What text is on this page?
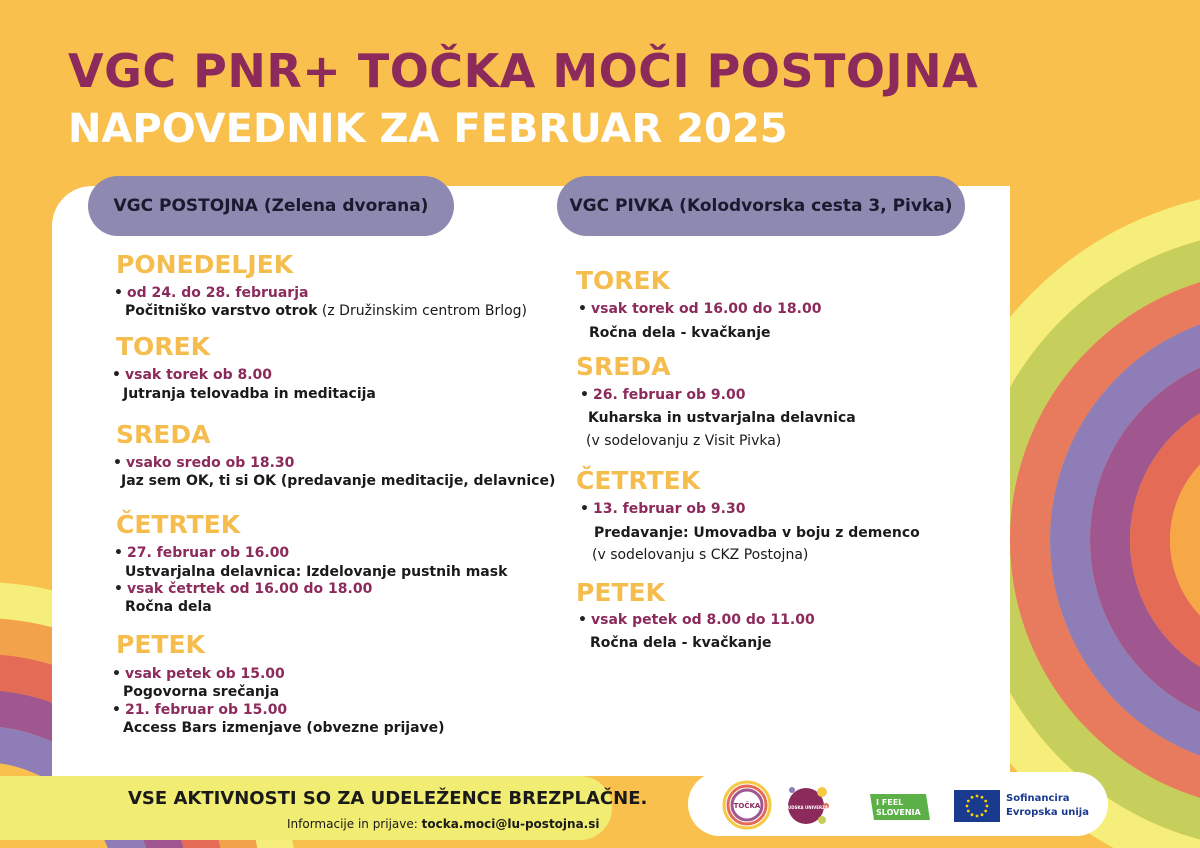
VGC PNR+ TOČKA MOČI POSTOJNA
NAPOVEDNIK ZA FEBRUAR 2025
VGC POSTOJNA (Zelena dvorana)
PONEDELJEK
• od 24. do 28. februarja
Počitniško varstvo otrok (z Družinskim centrom Brlog)
TOREK
• vsak torek ob 8.00
Jutranja telovadba in meditacija
SREDA
• vsako sredo ob 18.30
Jaz sem OK, ti si OK (predavanje meditacije, delavnice)
ČETRTEK
• 27. februar ob 16.00
Ustvarjalna delavnica: Izdelovanje pustnih mask
• vsak četrtek od 16.00 do 18.00
Ročna dela
PETEK
• vsak petek ob 15.00
Pogovorna srečanja
• 21. februar ob 15.00
Access Bars izmenjave (obvezne prijave)
VGC PIVKA (Kolodvorska cesta 3, Pivka)
TOREK
• vsak torek od 16.00 do 18.00
Ročna dela - kvačkanje
SREDA
• 26. februar ob 9.00
Kuharska in ustvarjalna delavnica
(v sodelovanju z Visit Pivka)
ČETRTEK
• 13. februar ob 9.30
Predavanje: Umovadba v boju z demenco
(v sodelovanju s CKZ Postojna)
PETEK
• vsak petek od 8.00 do 11.00
Ročna dela - kvačkanje
VSE AKTIVNOSTI SO ZA UDELEŽENCE BREZPLAČNE.
Informacije in prijave: tocka.moci@lu-postojna.si
TOČKA	LJUDSKA UNIVERZA
I FEEL
SLOVENIA
Sofinancira
Evropska unija
